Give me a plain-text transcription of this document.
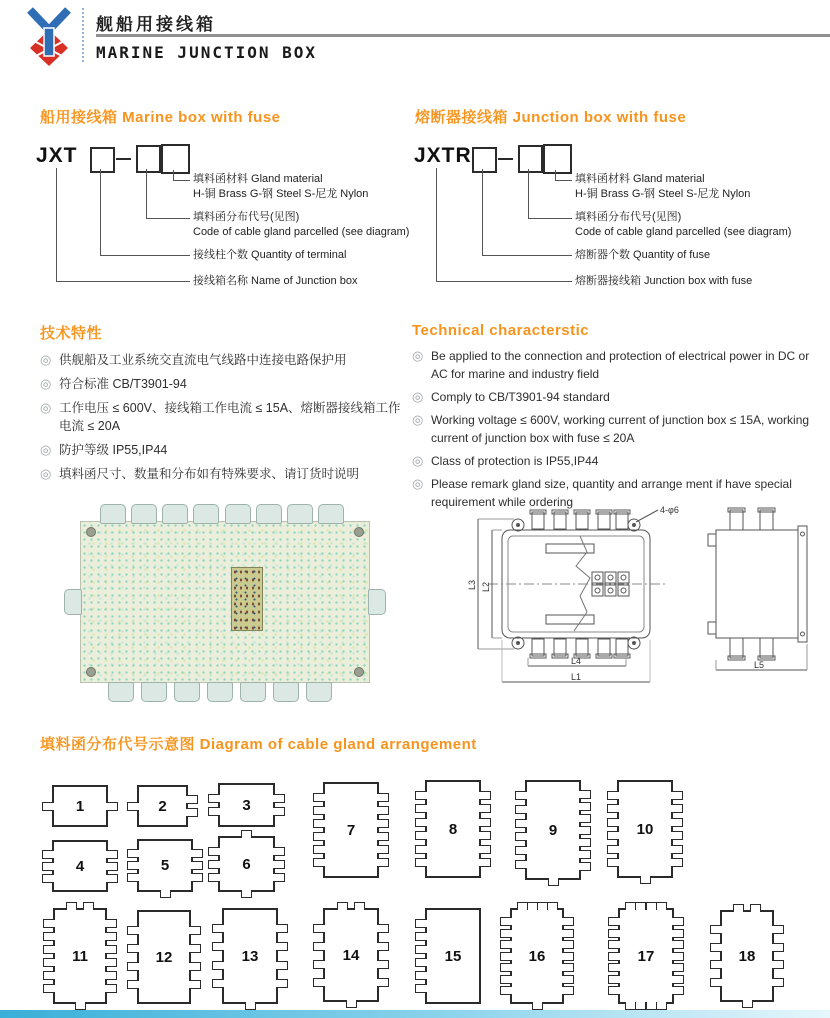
舰船用接线箱
MARINE JUNCTION BOX
船用接线箱 Marine box with fuse	熔断器接线箱 Junction box with fuse
JXT
填料函材料 Gland material
H-铜 Brass G-钢 Steel S-尼龙 Nylon
填料函分布代号(见图)
Code of cable gland parcelled (see diagram)
接线柱个数 Quantity of terminal
接线箱名称 Name of Junction box
JXTR
填料函材料 Gland material
H-铜 Brass G-钢 Steel S-尼龙 Nylon
填料函分布代号(见图)
Code of cable gland parcelled (see diagram)
熔断器个数 Quantity of fuse
熔断器接线箱 Junction box with fuse
技术特性
◎ 供舰船及工业系统交直流电气线路中连接电路保护用
◎ 符合标准 CB/T3901-94
◎ 工作电压 ≤ 600V、接线箱工作电流 ≤ 15A、熔断器接线箱工作电流 ≤ 20A
◎ 防护等级 IP55,IP44
◎ 填料函尺寸、数量和分布如有特殊要求、请订货时说明
Technical characterstic
◎ Be applied to the connection and protection of electrical power in DC or AC for marine and industry field
◎ Comply to CB/T3901-94 standard
◎ Working voltage ≤ 600V, working current of junction box ≤ 15A, working current of junction box with fuse ≤ 20A
◎ Class of protection is IP55,IP44
◎ Please remark gland size, quantity and arrange ment if have special requirement while ordering
4-φ6
L3 L2
L4
L1
L5
填料函分布代号示意图 Diagram of cable gland arrangement
1	2	3
4	5	6
7	8	9	10
11	12	13	14	15	16	17	18
